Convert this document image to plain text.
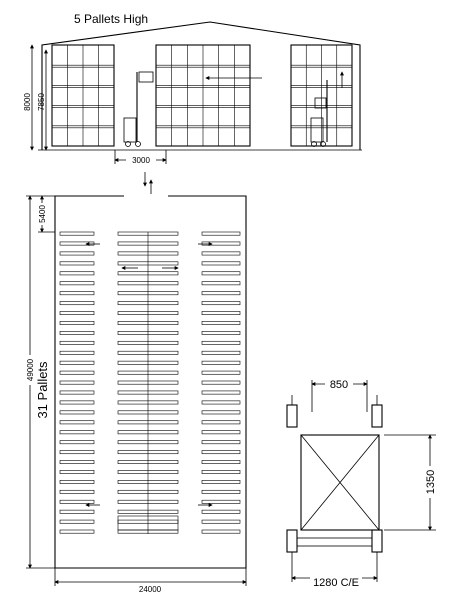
5 Pallets High
8000 7850
3000
49000
5400
31 Pallets
24000
850
1350
1280 C/E
